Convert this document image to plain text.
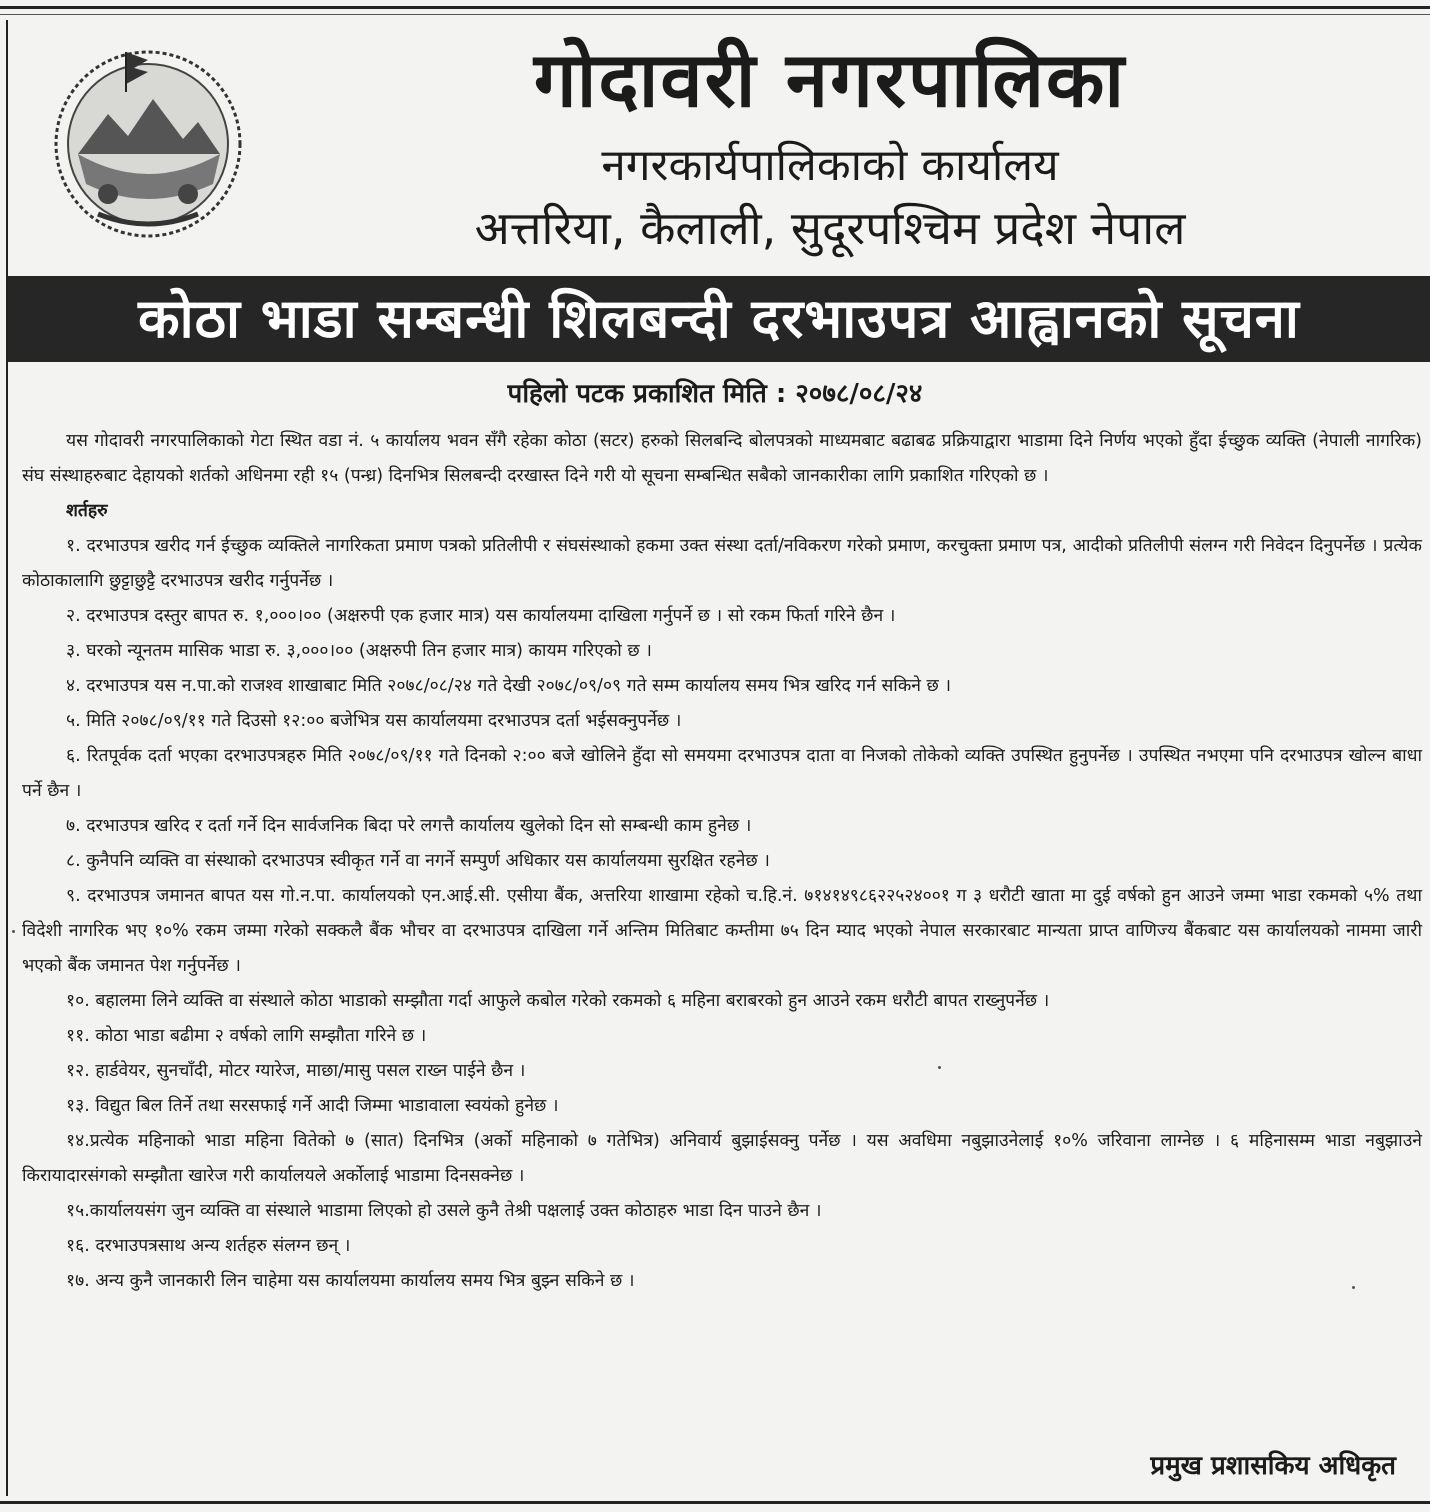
गोदावरी नगरपालिका
नगरकार्यपालिकाको कार्यालय
अत्तरिया, कैलाली, सुदूरपश्चिम प्रदेश नेपाल
कोठा भाडा सम्बन्धी शिलबन्दी दरभाउपत्र आह्वानको सूचना
पहिलो पटक प्रकाशित मिति : २०७८/०८/२४

यस गोदावरी नगरपालिकाको गेटा स्थित वडा नं. ५ कार्यालय भवन सँगै रहेका कोठा (सटर) हरुको सिलबन्दि बोलपत्रको माध्यमबाट बढाबढ प्रक्रियाद्वारा भाडामा दिने निर्णय भएको हुँदा ईच्छुक व्यक्ति (नेपाली नागरिक) संघ संस्थाहरुबाट देहायको शर्तको अधिनमा रही १५ (पन्ध्र) दिनभित्र सिलबन्दी दरखास्त दिने गरी यो सूचना सम्बन्धित सबैको जानकारीका लागि प्रकाशित गरिएको छ ।

शर्तहरु

१. दरभाउपत्र खरीद गर्न ईच्छुक व्यक्तिले नागरिकता प्रमाण पत्रको प्रतिलीपी र संघसंस्थाको हकमा उक्त संस्था दर्ता/नविकरण गरेको प्रमाण, करचुक्ता प्रमाण पत्र, आदीको प्रतिलीपी संलग्न गरी निवेदन दिनुपर्नेछ । प्रत्येक कोठाकालागि छुट्टाछुट्टै दरभाउपत्र खरीद गर्नुपर्नेछ ।

२. दरभाउपत्र दस्तुर बापत रु. १,०००।०० (अक्षरुपी एक हजार मात्र) यस कार्यालयमा दाखिला गर्नुपर्ने छ । सो रकम फिर्ता गरिने छैन ।

३. घरको न्यूनतम मासिक भाडा रु. ३,०००।०० (अक्षरुपी तिन हजार मात्र) कायम गरिएको छ ।

४. दरभाउपत्र यस न.पा.को राजश्व शाखाबाट मिति २०७८/०८/२४ गते देखी २०७८/०९/०९ गते सम्म कार्यालय समय भित्र खरिद गर्न सकिने छ ।

५. मिति २०७८/०९/११ गते दिउसो १२:०० बजेभित्र यस कार्यालयमा दरभाउपत्र दर्ता भईसक्नुपर्नेछ ।

६. रितपूर्वक दर्ता भएका दरभाउपत्रहरु मिति २०७८/०९/११ गते दिनको २:०० बजे खोलिने हुँदा सो समयमा दरभाउपत्र दाता वा निजको तोकेको व्यक्ति उपस्थित हुनुपर्नेछ । उपस्थित नभएमा पनि दरभाउपत्र खोल्न बाधा पर्ने छैन ।

७. दरभाउपत्र खरिद र दर्ता गर्ने दिन सार्वजनिक बिदा परे लगत्तै कार्यालय खुलेको दिन सो सम्बन्धी काम हुनेछ ।

८. कुनैपनि व्यक्ति वा संस्थाको दरभाउपत्र स्वीकृत गर्ने वा नगर्ने सम्पुर्ण अधिकार यस कार्यालयमा सुरक्षित रहनेछ ।

९. दरभाउपत्र जमानत बापत यस गो.न.पा. कार्यालयको एन.आई.सी. एसीया बैंक, अत्तरिया शाखामा रहेको च.हि.नं. ७१४१४९८६२२५२४००१ ग ३ धरौटी खाता मा दुई वर्षको हुन आउने जम्मा भाडा रकमको ५% तथा विदेशी नागरिक भए १०% रकम जम्मा गरेको सक्कलै बैंक भौचर वा दरभाउपत्र दाखिला गर्ने अन्तिम मितिबाट कम्तीमा ७५ दिन म्याद भएको नेपाल सरकारबाट मान्यता प्राप्त वाणिज्य बैंकबाट यस कार्यालयको नाममा जारी भएको बैंक जमानत पेश गर्नुपर्नेछ ।

१०. बहालमा लिने व्यक्ति वा संस्थाले कोठा भाडाको सम्झौता गर्दा आफुले कबोल गरेको रकमको ६ महिना बराबरको हुन आउने रकम धरौटी बापत राख्नुपर्नेछ ।

११. कोठा भाडा बढीमा २ वर्षको लागि सम्झौता गरिने छ ।

१२. हार्डवेयर, सुनचाँदी, मोटर ग्यारेज, माछा/मासु पसल राख्न पाईने छैन ।

१३. विद्युत बिल तिर्ने तथा सरसफाई गर्ने आदी जिम्मा भाडावाला स्वयंको हुनेछ ।

१४.प्रत्येक महिनाको भाडा महिना वितेको ७ (सात) दिनभित्र (अर्को महिनाको ७ गतेभित्र) अनिवार्य बुझाईसक्नु पर्नेछ । यस अवधिमा नबुझाउनेलाई १०% जरिवाना लाग्नेछ । ६ महिनासम्म भाडा नबुझाउने किरायादारसंगको सम्झौता खारेज गरी कार्यालयले अर्कोलाई भाडामा दिनसक्नेछ ।

१५.कार्यालयसंग जुन व्यक्ति वा संस्थाले भाडामा लिएको हो उसले कुनै तेश्री पक्षलाई उक्त कोठाहरु भाडा दिन पाउने छैन ।

१६. दरभाउपत्रसाथ अन्य शर्तहरु संलग्न छन् ।

१७. अन्य कुनै जानकारी लिन चाहेमा यस कार्यालयमा कार्यालय समय भित्र बुझ्न सकिने छ ।

प्रमुख प्रशासकिय अधिकृत
